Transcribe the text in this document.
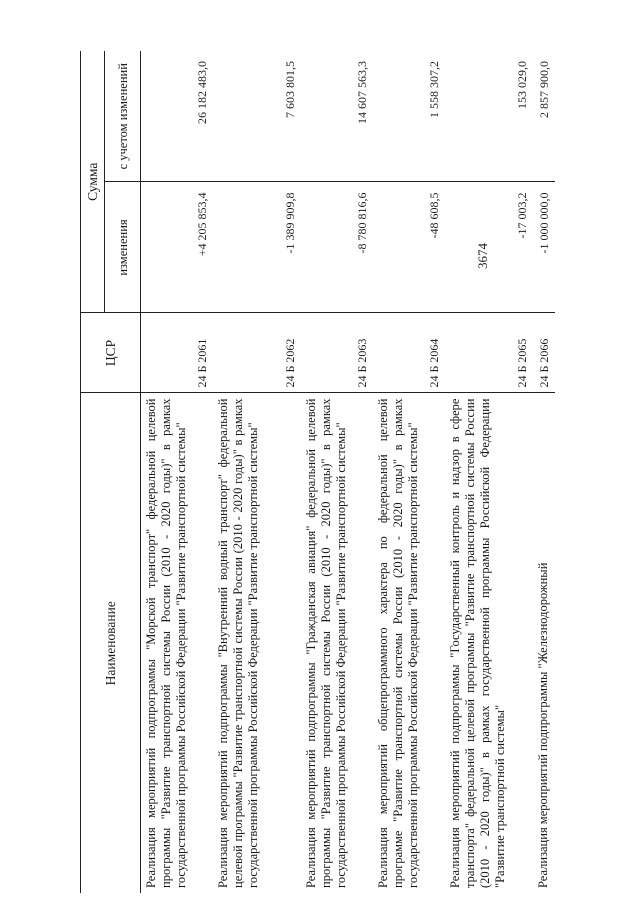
3674
Наименование	ЦСР	Сумма	
		изменения	с учетом изменений
Реализация мероприятий подпрограммы "Морской транспорт" федеральной целевой программы "Развитие транспортной системы России (2010 - 2020 годы)" в рамках государственной программы Российской Федерации "Развитие транспортной системы"	24 Б 2061	+4 205 853,4	26 182 483,0
Реализация мероприятий подпрограммы "Внутренний водный транспорт" федеральной целевой программы "Развитие транспортной системы России (2010 - 2020 годы)" в рамках государственной программы Российской Федерации "Развитие транспортной системы"	24 Б 2062	-1 389 909,8	7 603 801,5
Реализация мероприятий подпрограммы "Гражданская авиация" федеральной целевой программы "Развитие транспортной системы России (2010 - 2020 годы)" в рамках государственной программы Российской Федерации "Развитие транспортной системы"	24 Б 2063	-8 780 816,6	14 607 563,3
Реализация мероприятий общепрограммного характера по федеральной целевой программе "Развитие транспортной системы России (2010 - 2020 годы)" в рамках государственной программы Российской Федерации "Развитие транспортной системы"	24 Б 2064	-48 608,5	1 558 307,2
Реализация мероприятий подпрограммы "Государственный контроль и надзор в сфере транспорта" федеральной целевой программы "Развитие транспортной системы России (2010 - 2020 годы)" в рамках государственной программы Российской Федерации "Развитие транспортной системы"	24 Б 2065	-17 003,2	153 029,0
Реализация мероприятий подпрограммы "Железнодорожный	24 Б 2066	-1 000 000,0	2 857 900,0
